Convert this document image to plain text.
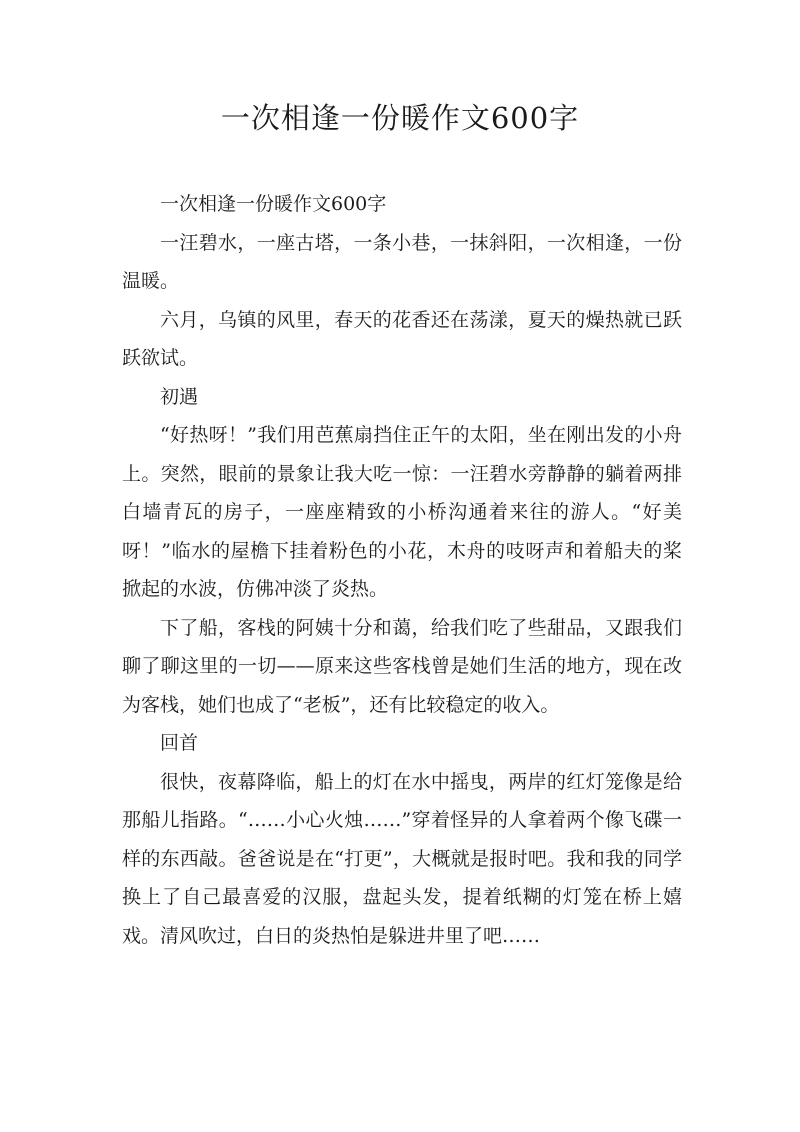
一次相逢一份暖作文600字

一次相逢一份暖作文600字

一汪碧水，一座古塔，一条小巷，一抹斜阳，一次相逢，一份温暖。

六月，乌镇的风里，春天的花香还在荡漾，夏天的燥热就已跃跃欲试。

初遇

“好热呀！”我们用芭蕉扇挡住正午的太阳，坐在刚出发的小舟上。突然，眼前的景象让我大吃一惊：一汪碧水旁静静的躺着两排白墙青瓦的房子，一座座精致的小桥沟通着来往的游人。“好美呀！”临水的屋檐下挂着粉色的小花，木舟的吱呀声和着船夫的桨掀起的水波，仿佛冲淡了炎热。

下了船，客栈的阿姨十分和蔼，给我们吃了些甜品，又跟我们聊了聊这里的一切——原来这些客栈曾是她们生活的地方，现在改为客栈，她们也成了“老板”，还有比较稳定的收入。

回首

很快，夜幕降临，船上的灯在水中摇曳，两岸的红灯笼像是给那船儿指路。“……小心火烛……”穿着怪异的人拿着两个像飞碟一样的东西敲。爸爸说是在“打更”，大概就是报时吧。我和我的同学换上了自己最喜爱的汉服，盘起头发，提着纸糊的灯笼在桥上嬉戏。清风吹过，白日的炎热怕是躲进井里了吧……
